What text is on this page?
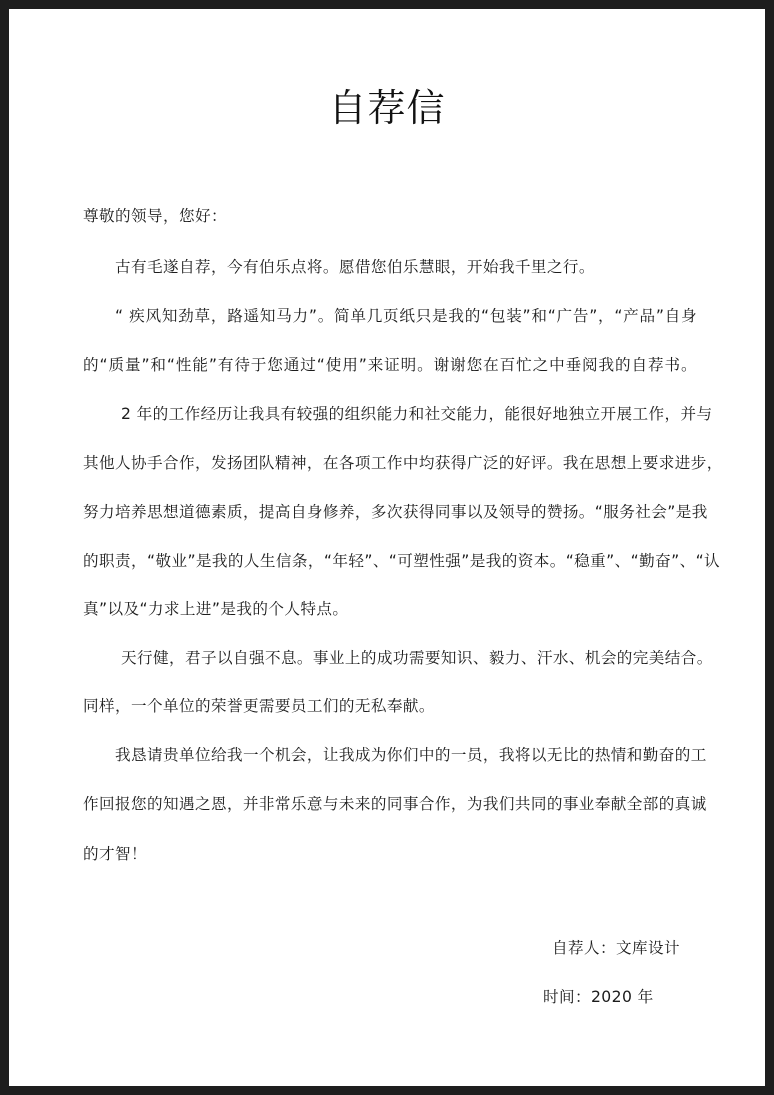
自荐信
尊敬的领导，您好：
古有毛遂自荐，今有伯乐点将。愿借您伯乐慧眼，开始我千里之行。
“ 疾风知劲草，路遥知马力”。简单几页纸只是我的“包装”和“广告”，“产品”自身
的“质量”和“性能”有待于您通过“使用”来证明。谢谢您在百忙之中垂阅我的自荐书。
2 年的工作经历让我具有较强的组织能力和社交能力，能很好地独立开展工作，并与
其他人协手合作，发扬团队精神，在各项工作中均获得广泛的好评。我在思想上要求进步，
努力培养思想道德素质，提高自身修养，多次获得同事以及领导的赞扬。“服务社会”是我
的职责，“敬业”是我的人生信条，“年轻”、“可塑性强”是我的资本。“稳重”、“勤奋”、“认
真”以及“力求上进”是我的个人特点。
天行健，君子以自强不息。事业上的成功需要知识、毅力、汗水、机会的完美结合。
同样，一个单位的荣誉更需要员工们的无私奉献。
我恳请贵单位给我一个机会，让我成为你们中的一员，我将以无比的热情和勤奋的工
作回报您的知遇之恩，并非常乐意与未来的同事合作，为我们共同的事业奉献全部的真诚
的才智！
自荐人：文库设计
时间：2020 年
